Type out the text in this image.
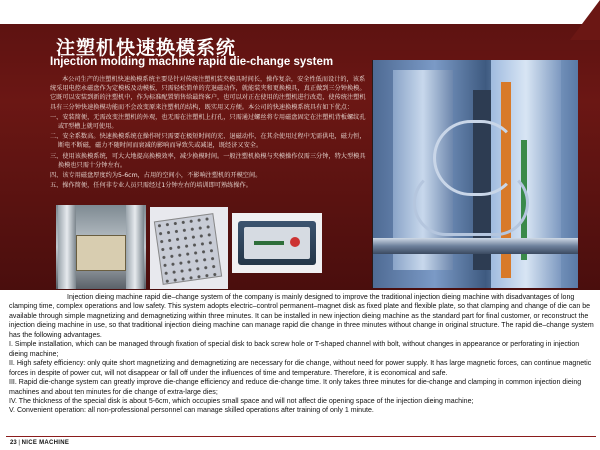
注塑机快速换模系统
Injection molding machine rapid die-change system

本公司生产的注塑机快速换模系统主要是针对传统注塑机装夹模具时间长，操作复杂，安全性低而设计的，该系统采用电控永磁盘作为定模板及动模板，只需轻松简单的充退磁动作，就能装夹和更换模具，真正做到三分钟换模。它既可以安装到新的注塑机中，作为标准配置销售给最终客户，也可以对正在使用的注塑机进行改造，使传统注塑机具有三分钟快速换模功能而不会改变原来注塑机的结构，既实用又方便。本公司的快速换模系统具有如下优点：

一、安装简便，无需改变注塑机的外观，也无需在注塑机上打孔，只需通过螺丝将专用磁盘固定在注塑机背板螺纹孔或T型槽上就可使用。

二、安全系数高。快速换模系统在操作时只需要在极短时间的充、退磁动作，在其余使用过程中无需供电，磁力恒，断电不断磁，磁力不随时间而衰减的影响而导致失或减退，既经济又安全。

三、使用该换模系统，可大大地提高换模效率，减少换模时间。一般注塑机换模与夹模操作仅需三分钟，特大型模具换模也只需十分钟左右。

四、该专用磁盘厚度约为5-6cm，占用的空间小，不影响注塑机的开模空间。

五、操作简便，任何非专业人员只需经过1分钟左右的培训即可熟练操作。

Injection dieing machine rapid die–change system of the company is mainly designed to improve the traditional injection dieing machine with disadvantages of long clamping time, complex operations and low safety. This system adopts electric–control permanent–magnet disk as fixed plate and flexible plate, so that clamping and change of die can be available through simple magnetizing and demagnetizing within three minutes. It can be installed in new injection dieing machine as the standard part for final customer, or reconstruct the injection dieing machine in use, so that traditional injection dieing machine can manage rapid die change in three minutes without change in original structure. The rapid die–change system has the following advantages.

I. Simple installation, which can be managed through fixation of special disk to back screw hole or T-shaped channel with bolt, without changes in appearance or perforating in injection dieing machine;

II. High safety efficiency: only quite short magnetizing and demagnetizing are necessary for die change, without need for power supply. It has large magnetic forces, can continue magnetic forces in despite of power cut, will not disappear or fall off under the influences of time and temperature. Therefore, it is economical and safe.

III. Rapid die-change system can greatly improve die-change efficiency and reduce die-change time. It only takes three minutes for die-change and clamping in common injection dieing machines and about ten minutes for die change of extra-large dies;

IV. The thickness of the special disk is about 5-6cm, which occupies small space and will not affect die opening space of the injection dieing machine;

V. Convenient operation: all non-professional personnel can manage skilled operations after training of only 1 minute.

23 | NICE MACHINE
